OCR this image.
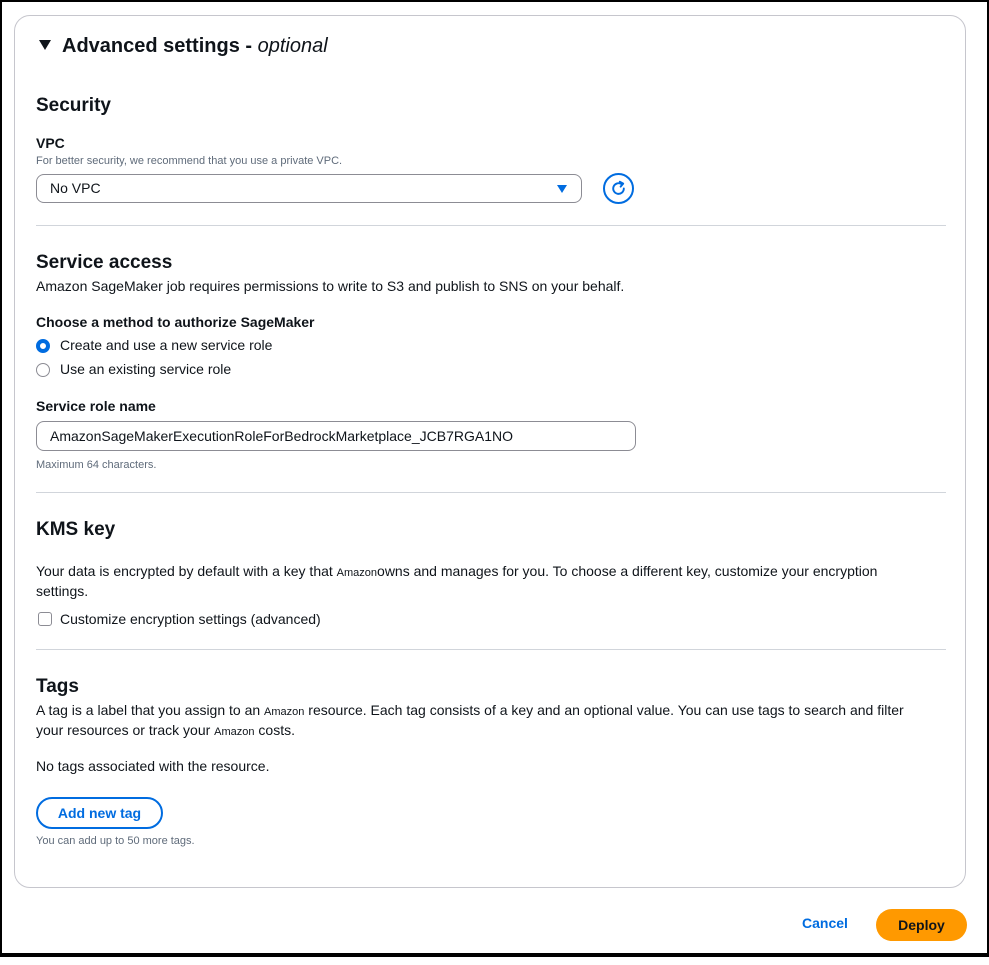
Advanced settings - optional
Security
VPC
For better security, we recommend that you use a private VPC.
No VPC
Service access
Amazon SageMaker job requires permissions to write to S3 and publish to SNS on your behalf.
Choose a method to authorize SageMaker
Create and use a new service role
Use an existing service role
Service role name
AmazonSageMakerExecutionRoleForBedrockMarketplace_JCB7RGA1NO
Maximum 64 characters.
KMS key
Your data is encrypted by default with a key that Amazonowns and manages for you. To choose a different key, customize your encryption
settings.
Customize encryption settings (advanced)
Tags
A tag is a label that you assign to an Amazon resource. Each tag consists of a key and an optional value. You can use tags to search and filter
your resources or track your Amazon costs.
No tags associated with the resource.
Add new tag
You can add up to 50 more tags.
Cancel	Deploy
